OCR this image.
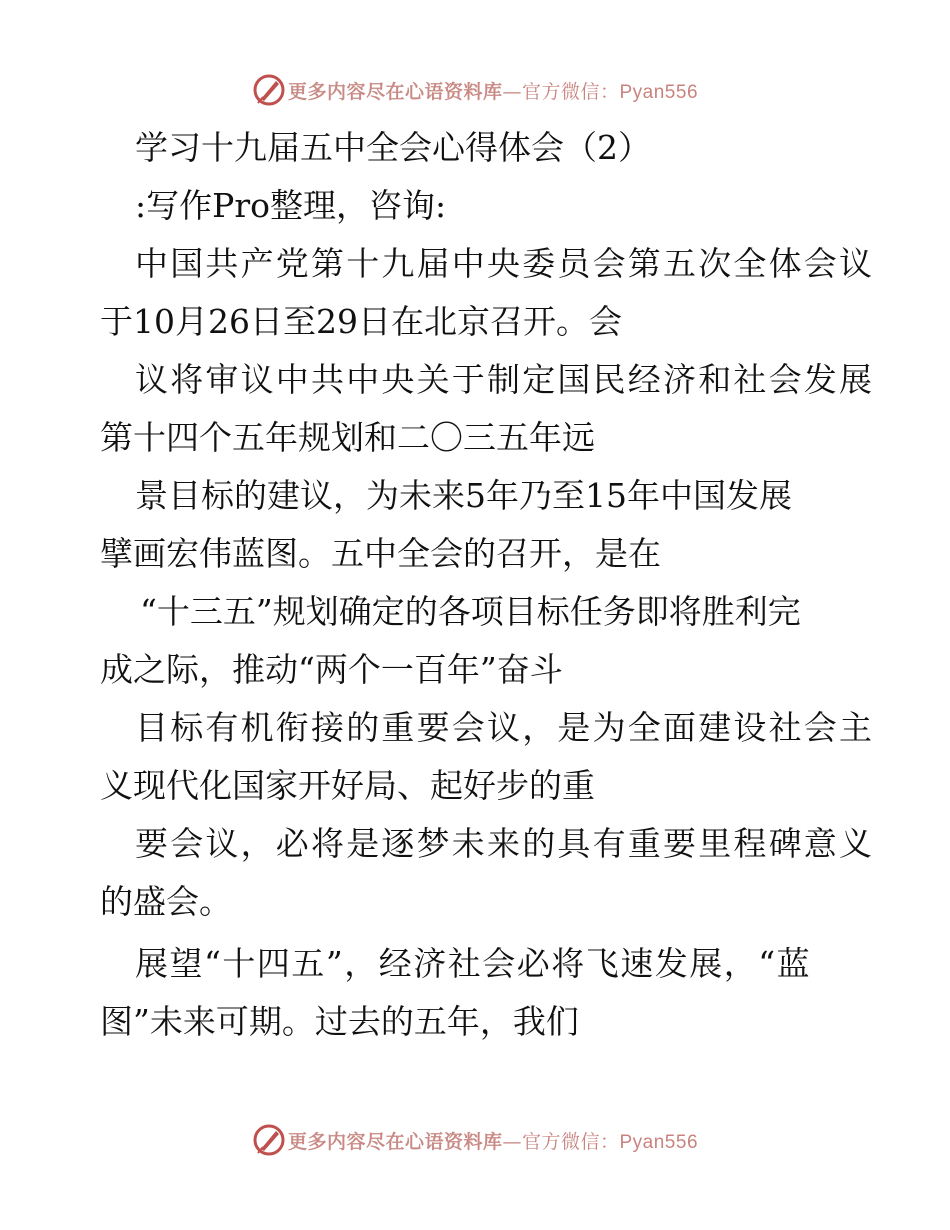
更多内容尽在心语资料库—官方微信：Pyan556
学习十九届五中全会心得体会（2）
:写作Pro整理，咨询:
中国共产党第十九届中央委员会第五次全体会议
于10月26日至29日在北京召开。会
议将审议中共中央关于制定国民经济和社会发展
第十四个五年规划和二〇三五年远
景目标的建议，为未来5年乃至15年中国发展
擘画宏伟蓝图。五中全会的召开，是在
“十三五”规划确定的各项目标任务即将胜利完
成之际，推动“两个一百年”奋斗
目标有机衔接的重要会议，是为全面建设社会主
义现代化国家开好局、起好步的重
要会议，必将是逐梦未来的具有重要里程碑意义
的盛会。
展望“十四五”，经济社会必将飞速发展，“蓝
图”未来可期。过去的五年，我们
更多内容尽在心语资料库—官方微信：Pyan556
